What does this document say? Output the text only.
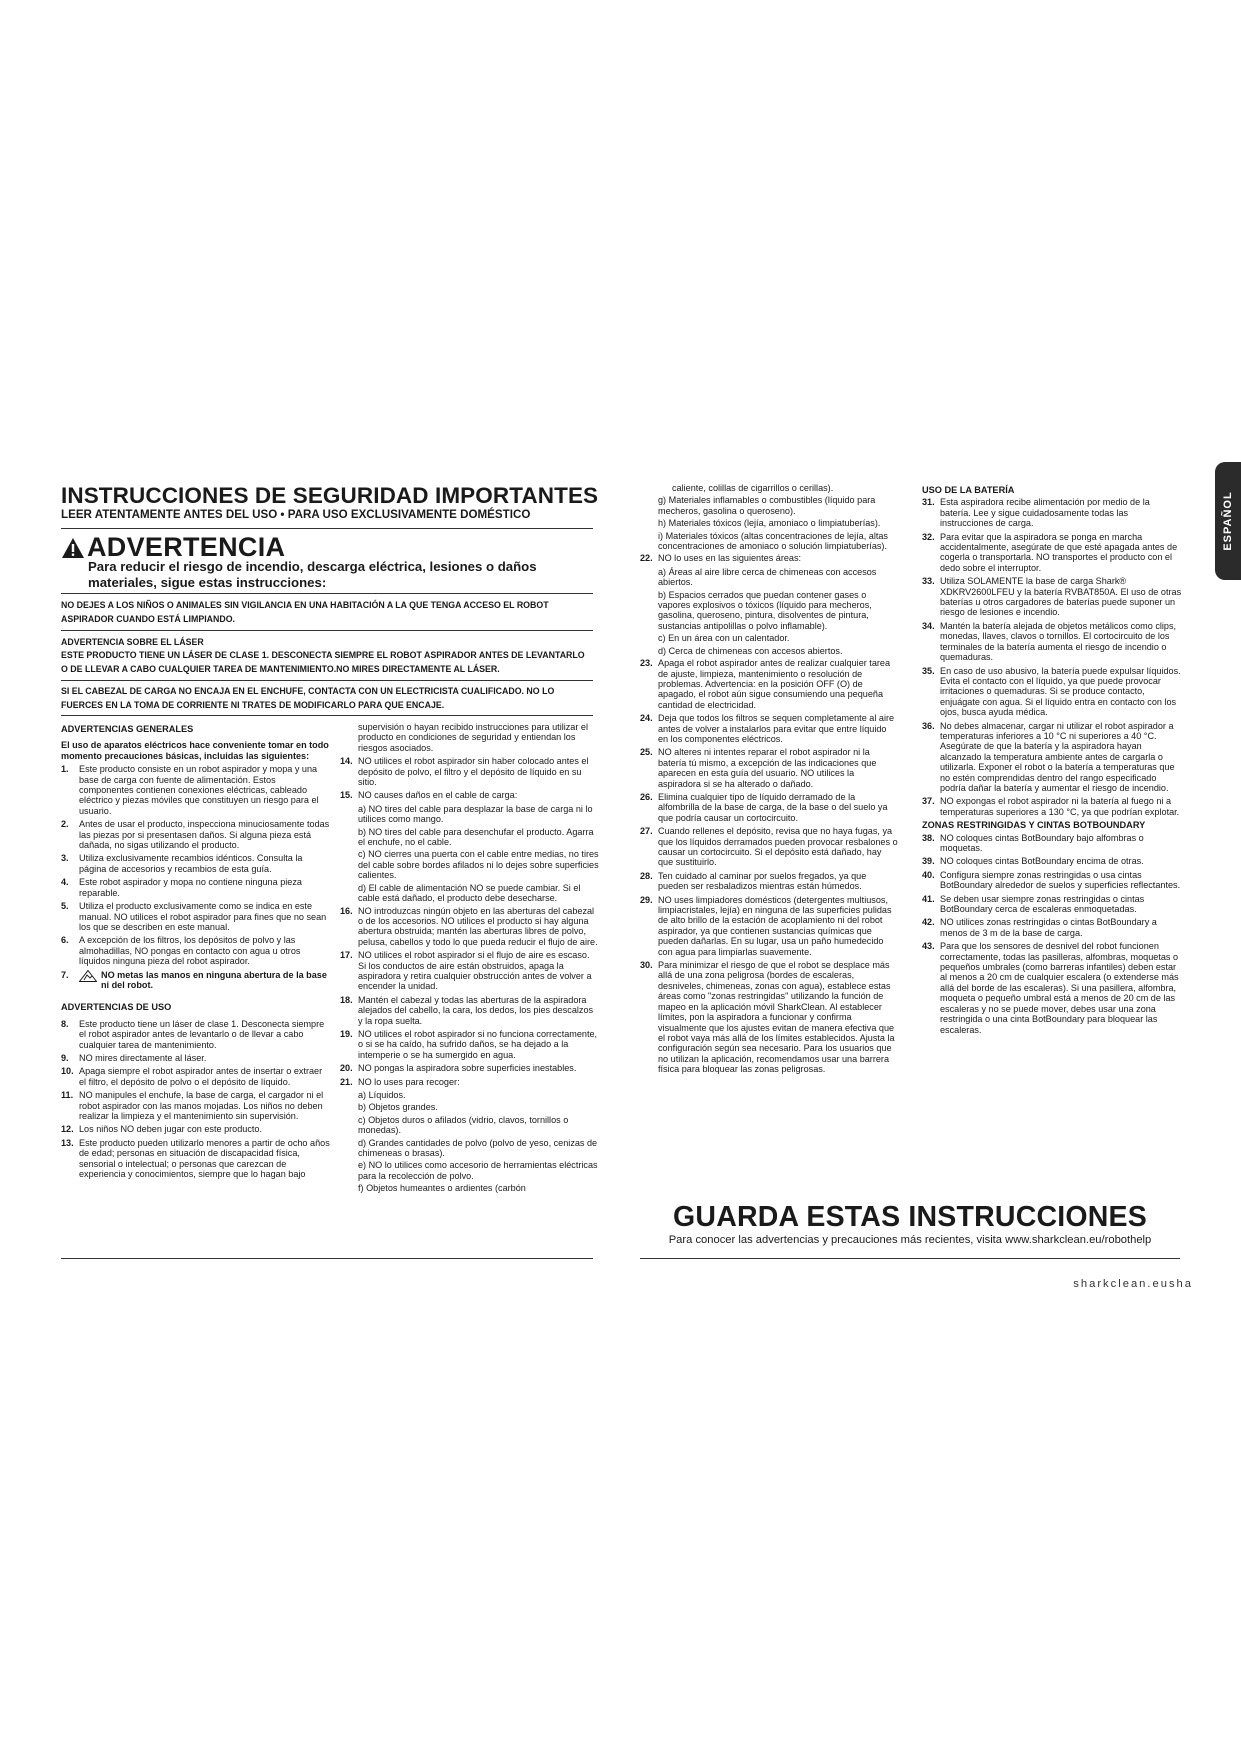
ESPAÑOL
INSTRUCCIONES DE SEGURIDAD IMPORTANTES
LEER ATENTAMENTE ANTES DEL USO • PARA USO EXCLUSIVAMENTE DOMÉSTICO
ADVERTENCIA
Para reducir el riesgo de incendio, descarga eléctrica, lesiones o daños materiales, sigue estas instrucciones:
NO DEJES A LOS NIÑOS O ANIMALES SIN VIGILANCIA EN UNA HABITACIÓN A LA QUE TENGA ACCESO EL ROBOT ASPIRADOR CUANDO ESTÁ LIMPIANDO.
ADVERTENCIA SOBRE EL LÁSER
ESTE PRODUCTO TIENE UN LÁSER DE CLASE 1. DESCONECTA SIEMPRE EL ROBOT ASPIRADOR ANTES DE LEVANTARLO O DE LLEVAR A CABO CUALQUIER TAREA DE MANTENIMIENTO.NO MIRES DIRECTAMENTE AL LÁSER.
SI EL CABEZAL DE CARGA NO ENCAJA EN EL ENCHUFE, CONTACTA CON UN ELECTRICISTA CUALIFICADO. NO LO FUERCES EN LA TOMA DE CORRIENTE NI TRATES DE MODIFICARLO PARA QUE ENCAJE.
ADVERTENCIAS GENERALES

El uso de aparatos eléctricos hace conveniente tomar en todo momento precauciones básicas, incluidas las siguientes:

1.	Este producto consiste en un robot aspirador y mopa y una base de carga con fuente de alimentación. Estos componentes contienen conexiones eléctricas, cableado eléctrico y piezas móviles que constituyen un riesgo para el usuario.
2.	Antes de usar el producto, inspecciona minuciosamente todas las piezas por si presentasen daños. Si alguna pieza está dañada, no sigas utilizando el producto.
3.	Utiliza exclusivamente recambios idénticos. Consulta la página de accesorios y recambios de esta guía.
4.	Este robot aspirador y mopa no contiene ninguna pieza reparable.
5.	Utiliza el producto exclusivamente como se indica en este manual. NO utilices el robot aspirador para fines que no sean los que se describen en este manual.
6.	A excepción de los filtros, los depósitos de polvo y las almohadillas, NO pongas en contacto con agua u otros líquidos ninguna pieza del robot aspirador.
7.	NO metas las manos en ninguna abertura de la base ni del robot.
ADVERTENCIAS DE USO
8.	Este producto tiene un láser de clase 1. Desconecta siempre el robot aspirador antes de levantarlo o de llevar a cabo cualquier tarea de mantenimiento.
9.	NO mires directamente al láser.
10. Apaga siempre el robot aspirador antes de insertar o extraer el filtro, el depósito de polvo o el depósito de líquido.
11. NO manipules el enchufe, la base de carga, el cargador ni el robot aspirador con las manos mojadas. Los niños no deben realizar la limpieza y el mantenimiento sin supervisión.
12. Los niños NO deben jugar con este producto.
13. Este producto pueden utilizarlo menores a partir de ocho años de edad; personas en situación de discapacidad física, sensorial o intelectual; o personas que carezcan de experiencia y conocimientos, siempre que lo hagan bajo

supervisión o hayan recibido instrucciones para utilizar el producto en condiciones de seguridad y entiendan los riesgos asociados.

14. NO utilices el robot aspirador sin haber colocado antes el depósito de polvo, el filtro y el depósito de líquido en su sitio.
15. NO causes daños en el cable de carga:
a) NO tires del cable para desplazar la base de carga ni lo utilices como mango.
b) NO tires del cable para desenchufar el producto. Agarra el enchufe, no el cable.
c) NO cierres una puerta con el cable entre medias, no tires del cable sobre bordes afilados ni lo dejes sobre superficies calientes.
d) El cable de alimentación NO se puede cambiar. Si el cable está dañado, el producto debe desecharse.
16. NO introduzcas ningún objeto en las aberturas del cabezal o de los accesorios. NO utilices el producto si hay alguna abertura obstruida; mantén las aberturas libres de polvo, pelusa, cabellos y todo lo que pueda reducir el flujo de aire.
17. NO utilices el robot aspirador si el flujo de aire es escaso. Si los conductos de aire están obstruidos, apaga la aspiradora y retira cualquier obstrucción antes de volver a encender la unidad.
18. Mantén el cabezal y todas las aberturas de la aspiradora alejados del cabello, la cara, los dedos, los pies descalzos y la ropa suelta.
19. NO utilices el robot aspirador si no funciona correctamente, o si se ha caído, ha sufrido daños, se ha dejado a la intemperie o se ha sumergido en agua.
20. NO pongas la aspiradora sobre superficies inestables.
21. NO lo uses para recoger:
a) Líquidos.
b) Objetos grandes.
c) Objetos duros o afilados (vidrio, clavos, tornillos o monedas).
d) Grandes cantidades de polvo (polvo de yeso, cenizas de chimeneas o brasas).
e) NO lo utilices como accesorio de herramientas eléctricas para la recolección de polvo.
f) Objetos humeantes o ardientes (carbón
caliente, colillas de cigarrillos o cerillas).
g) Materiales inflamables o combustibles (líquido para mecheros, gasolina o queroseno).
h) Materiales tóxicos (lejía, amoniaco o limpiatuberías).
i) Materiales tóxicos (altas concentraciones de lejía, altas concentraciones de amoniaco o solución limpiatuberías).
22. NO lo uses en las siguientes áreas:
a) Áreas al aire libre cerca de chimeneas con accesos abiertos.
b) Espacios cerrados que puedan contener gases o vapores explosivos o tóxicos (líquido para mecheros, gasolina, queroseno, pintura, disolventes de pintura, sustancias antipolillas o polvo inflamable).
c) En un área con un calentador.
d) Cerca de chimeneas con accesos abiertos.
23. Apaga el robot aspirador antes de realizar cualquier tarea de ajuste, limpieza, mantenimiento o resolución de problemas. Advertencia: en la posición OFF (O) de apagado, el robot aún sigue consumiendo una pequeña cantidad de electricidad.
24. Deja que todos los filtros se sequen completamente al aire antes de volver a instalarlos para evitar que entre líquido en los componentes eléctricos.
25. NO alteres ni intentes reparar el robot aspirador ni la batería tú mismo, a excepción de las indicaciones que aparecen en esta guía del usuario. NO utilices la aspiradora si se ha alterado o dañado.
26. Elimina cualquier tipo de líquido derramado de la alfombrilla de la base de carga, de la base o del suelo ya que podría causar un cortocircuito.
27. Cuando rellenes el depósito, revisa que no haya fugas, ya que los líquidos derramados pueden provocar resbalones o causar un cortocircuito. Si el depósito está dañado, hay que sustituirlo.
28. Ten cuidado al caminar por suelos fregados, ya que pueden ser resbaladizos mientras están húmedos.
29. NO uses limpiadores domésticos (detergentes multiusos, limpiacristales, lejía) en ninguna de las superficies pulidas de alto brillo de la estación de acoplamiento ni del robot aspirador, ya que contienen sustancias químicas que pueden dañarlas. En su lugar, usa un paño humedecido con agua para limpiarlas suavemente.
30. Para minimizar el riesgo de que el robot se desplace más allá de una zona peligrosa (bordes de escaleras, desniveles, chimeneas, zonas con agua), establece estas áreas como "zonas restringidas" utilizando la función de mapeo en la aplicación móvil SharkClean. Al establecer límites, pon la aspiradora a funcionar y confirma visualmente que los ajustes evitan de manera efectiva que el robot vaya más allá de los límites establecidos. Ajusta la configuración según sea necesario. Para los usuarios que no utilizan la aplicación, recomendamos usar una barrera física para bloquear las zonas peligrosas.
USO DE LA BATERÍA
31. Esta aspiradora recibe alimentación por medio de la batería. Lee y sigue cuidadosamente todas las instrucciones de carga.
32. Para evitar que la aspiradora se ponga en marcha accidentalmente, asegúrate de que esté apagada antes de cogerla o transportarla. NO transportes el producto con el dedo sobre el interruptor.
33. Utiliza SOLAMENTE la base de carga Shark® XDKRV2600LFEU y la batería RVBAT850A. El uso de otras baterías u otros cargadores de baterías puede suponer un riesgo de lesiones e incendio.
34. Mantén la batería alejada de objetos metálicos como clips, monedas, llaves, clavos o tornillos. El cortocircuito de los terminales de la batería aumenta el riesgo de incendio o quemaduras.
35. En caso de uso abusivo, la batería puede expulsar líquidos. Evita el contacto con el líquido, ya que puede provocar irritaciones o quemaduras. Si se produce contacto, enjuágate con agua. Si el líquido entra en contacto con los ojos, busca ayuda médica.
36. No debes almacenar, cargar ni utilizar el robot aspirador a temperaturas inferiores a 10 °C ni superiores a 40 °C. Asegúrate de que la batería y la aspiradora hayan alcanzado la temperatura ambiente antes de cargarla o utilizarla. Exponer el robot o la batería a temperaturas que no estén comprendidas dentro del rango especificado podría dañar la batería y aumentar el riesgo de incendio.
37. NO expongas el robot aspirador ni la batería al fuego ni a temperaturas superiores a 130 °C, ya que podrían explotar.
ZONAS RESTRINGIDAS Y CINTAS BOTBOUNDARY
38. NO coloques cintas BotBoundary bajo alfombras o moquetas.
39. NO coloques cintas BotBoundary encima de otras.
40. Configura siempre zonas restringidas o usa cintas BotBoundary alrededor de suelos y superficies reflectantes.
41. Se deben usar siempre zonas restringidas o cintas BotBoundary cerca de escaleras enmoquetadas.
42. NO utilices zonas restringidas o cintas BotBoundary a menos de 3 m de la base de carga.
43. Para que los sensores de desnivel del robot funcionen correctamente, todas las pasilleras, alfombras, moquetas o pequeños umbrales (como barreras infantiles) deben estar al menos a 20 cm de cualquier escalera (o extenderse más allá del borde de las escaleras). Si una pasillera, alfombra, moqueta o pequeño umbral está a menos de 20 cm de las escaleras y no se puede mover, debes usar una zona restringida o una cinta BotBoundary para bloquear las escaleras.
GUARDA ESTAS INSTRUCCIONES
Para conocer las advertencias y precauciones más recientes, visita www.sharkclean.eu/robothelp
sharkclean.eusha
